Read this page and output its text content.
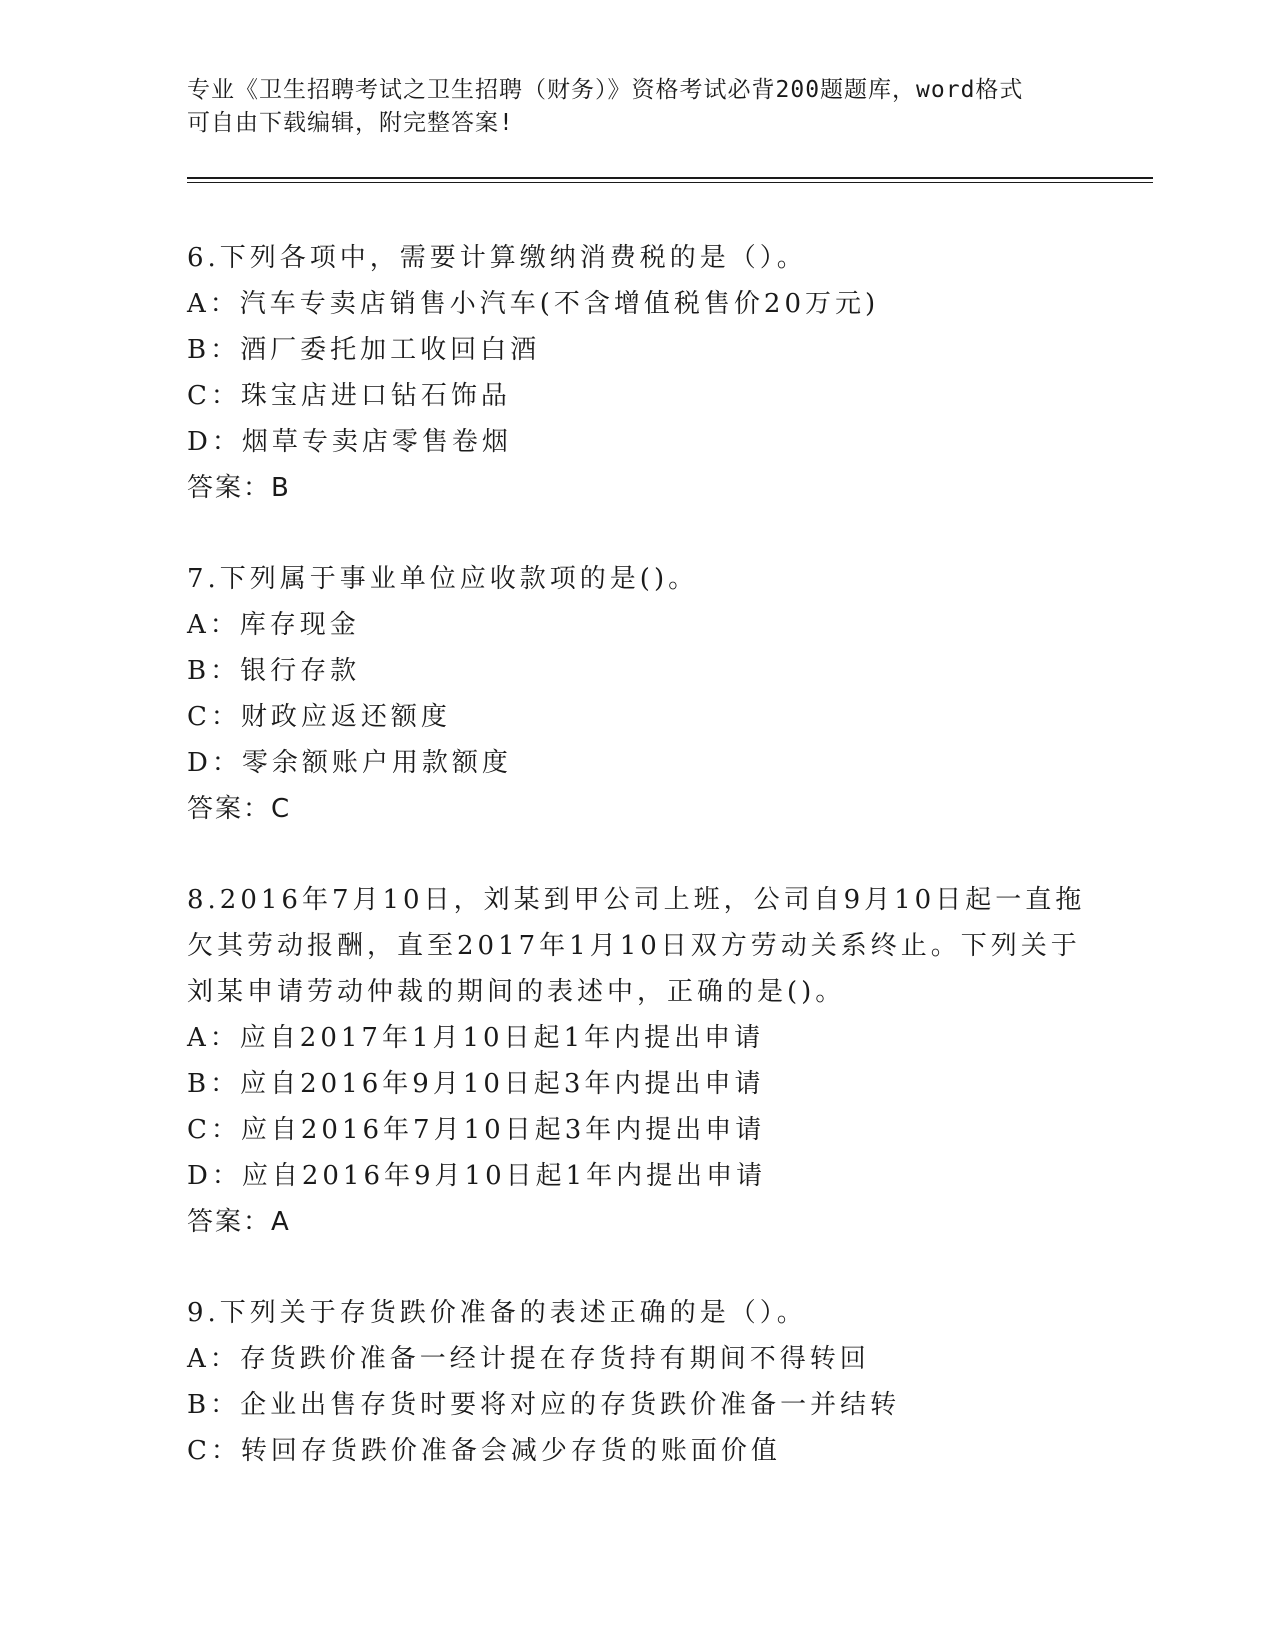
专业《卫生招聘考试之卫生招聘（财务）》资格考试必背200题题库，word格式
可自由下载编辑，附完整答案!
6.下列各项中，需要计算缴纳消费税的是（）。
A：汽车专卖店销售小汽车(不含增值税售价20万元)
B：酒厂委托加工收回白酒
C：珠宝店进口钻石饰品
D：烟草专卖店零售卷烟
答案：B
7.下列属于事业单位应收款项的是()。
A：库存现金
B：银行存款
C：财政应返还额度
D：零余额账户用款额度
答案：C
8.2016年7月10日，刘某到甲公司上班，公司自9月10日起一直拖
欠其劳动报酬，直至2017年1月10日双方劳动关系终止。下列关于
刘某申请劳动仲裁的期间的表述中，正确的是()。
A：应自2017年1月10日起1年内提出申请
B：应自2016年9月10日起3年内提出申请
C：应自2016年7月10日起3年内提出申请
D：应自2016年9月10日起1年内提出申请
答案：A
9.下列关于存货跌价准备的表述正确的是（）。
A：存货跌价准备一经计提在存货持有期间不得转回
B：企业出售存货时要将对应的存货跌价准备一并结转
C：转回存货跌价准备会减少存货的账面价值
